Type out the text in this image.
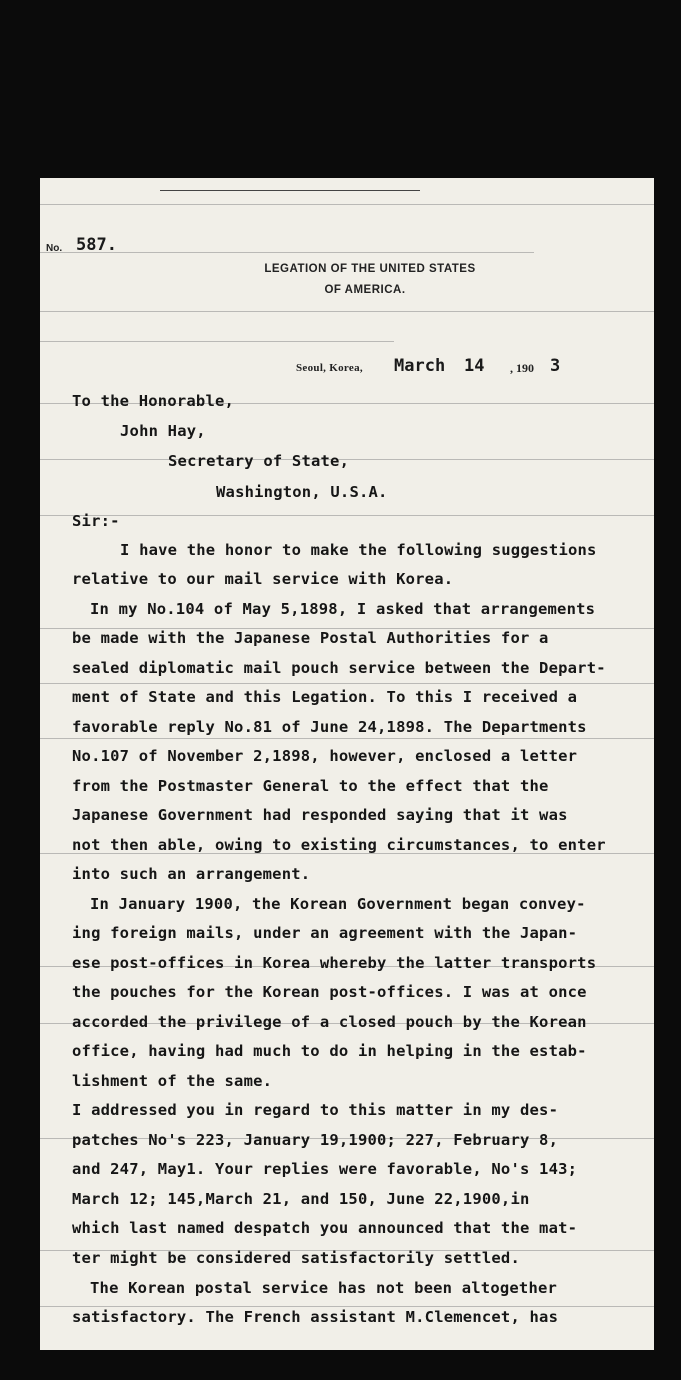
No. 587.
LEGATION OF THE UNITED STATES
OF AMERICA.
Seoul, Korea, March 14 , 190 3
To the Honorable,
John Hay,
Secretary of State,
Washington, U.S.A.
Sir:-
I have the honor to make the following suggestions
relative to our mail service with Korea.
In my No.104 of May 5,1898, I asked that arrangements
be made with the Japanese Postal Authorities for a
sealed diplomatic mail pouch service between the Depart-
ment of State and this Legation. To this I received a
favorable reply No.81 of June 24,1898. The Departments
No.107 of November 2,1898, however, enclosed a letter
from the Postmaster General to the effect that the
Japanese Government had responded saying that it was
not then able, owing to existing circumstances, to enter
into such an arrangement.
In January 1900, the Korean Government began convey-
ing foreign mails, under an agreement with the Japan-
ese post-offices in Korea whereby the latter transports
the pouches for the Korean post-offices. I was at once
accorded the privilege of a closed pouch by the Korean
office, having had much to do in helping in the estab-
lishment of the same.
I addressed you in regard to this matter in my des-
patches No's 223, January 19,1900; 227, February 8,
and 247, May1. Your replies were favorable, No's 143;
March 12; 145,March 21, and 150, June 22,1900,in
which last named despatch you announced that the mat-
ter might be considered satisfactorily settled.
The Korean postal service has not been altogether
satisfactory. The French assistant M.Clemencet, has
